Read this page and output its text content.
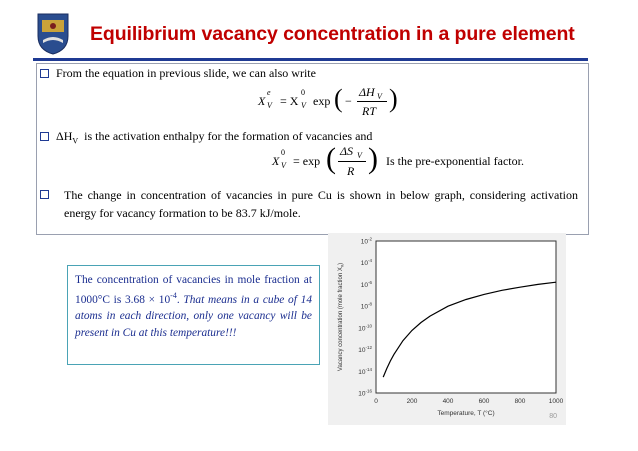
Equilibrium vacancy concentration in a pure element
From the equation in previous slide, we can also write
X
e
V = X
0
V exp ( −
ΔH V
RT )
$\Delta H_V$  is the activation enthalpy for the formation of vacancies and
X
0
V = exp ( ΔS V
R ) Is the pre-exponential factor.
The change in concentration of vacancies in pure Cu is shown in below graph, considering activation energy for vacancy formation to be 83.7 kJ/mole.
The concentration of vacancies in mole fraction at 1000°C is $3.68 \times 10^{-4}$. That means in a cube of 14 atoms in each direction, only one vacancy will be present in Cu at this temperature!!!
$10^{-2}$
$10^{-4}$
$10^{-6}$
$10^{-8}$
$10^{-10}$
$10^{-12}$
$10^{-14}$
$10^{-16}$
0	200	400	600	800	1000
Vacancy concentration (mole fraction $X_v$)
Temperature, T (°C)	80
